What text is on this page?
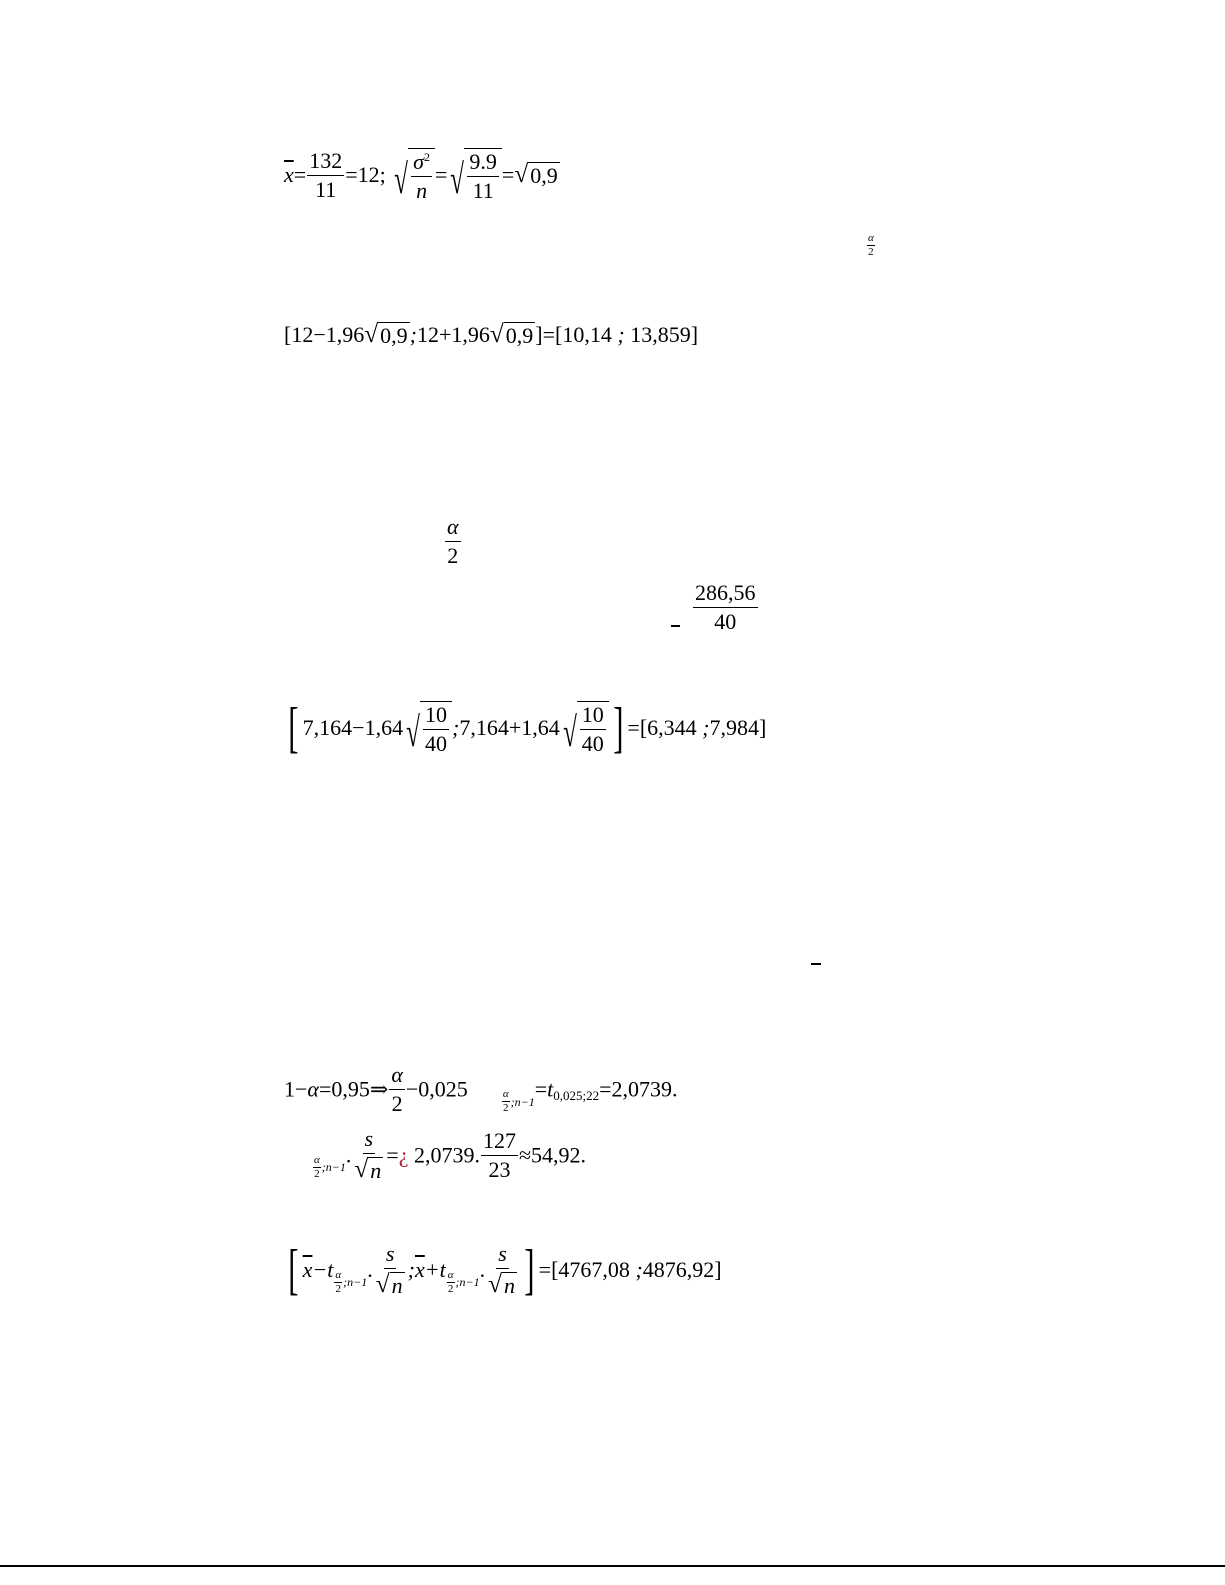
$\overline{x}= \frac{132}{11} =12$; √ $\frac{\sigma^2}{n}$ = √ $\frac{9.9}{11}$ = √ 0,9
$\frac{\alpha}{2}$
[12−1,96 √ 0,9 ;12+1,96 √ 0,9 ]=[10,14 ; 13,859]
$\frac{\alpha}{2}$
$\frac{286,56}{40}$
[ 7,164−1,64 √ $\frac{10}{40}$ ;7,164+1,64 √ $\frac{10}{40}$ ] =[6,344 ;7,984]
1−α=0,95⇒ $\frac{\alpha}{2} -0,025$	$\frac{\alpha}{2}$ ;n−1 $=t_{0,025;22}=2,0739$.
$\frac{\alpha}{2}$ ;n−1 . $\frac{s}{√ n}$ =¿ 2,0739. $\frac{127}{23} \approx 54,92$.
[ $\overline{x}-t \frac{\alpha}{2}$ ;n−1 . $\frac{s}{√ n}$ $;\overline{x}+t \frac{\alpha}{2}$ ;n−1 . $\frac{s}{√ n}$ ] =[4767,08 ;4876,92]
